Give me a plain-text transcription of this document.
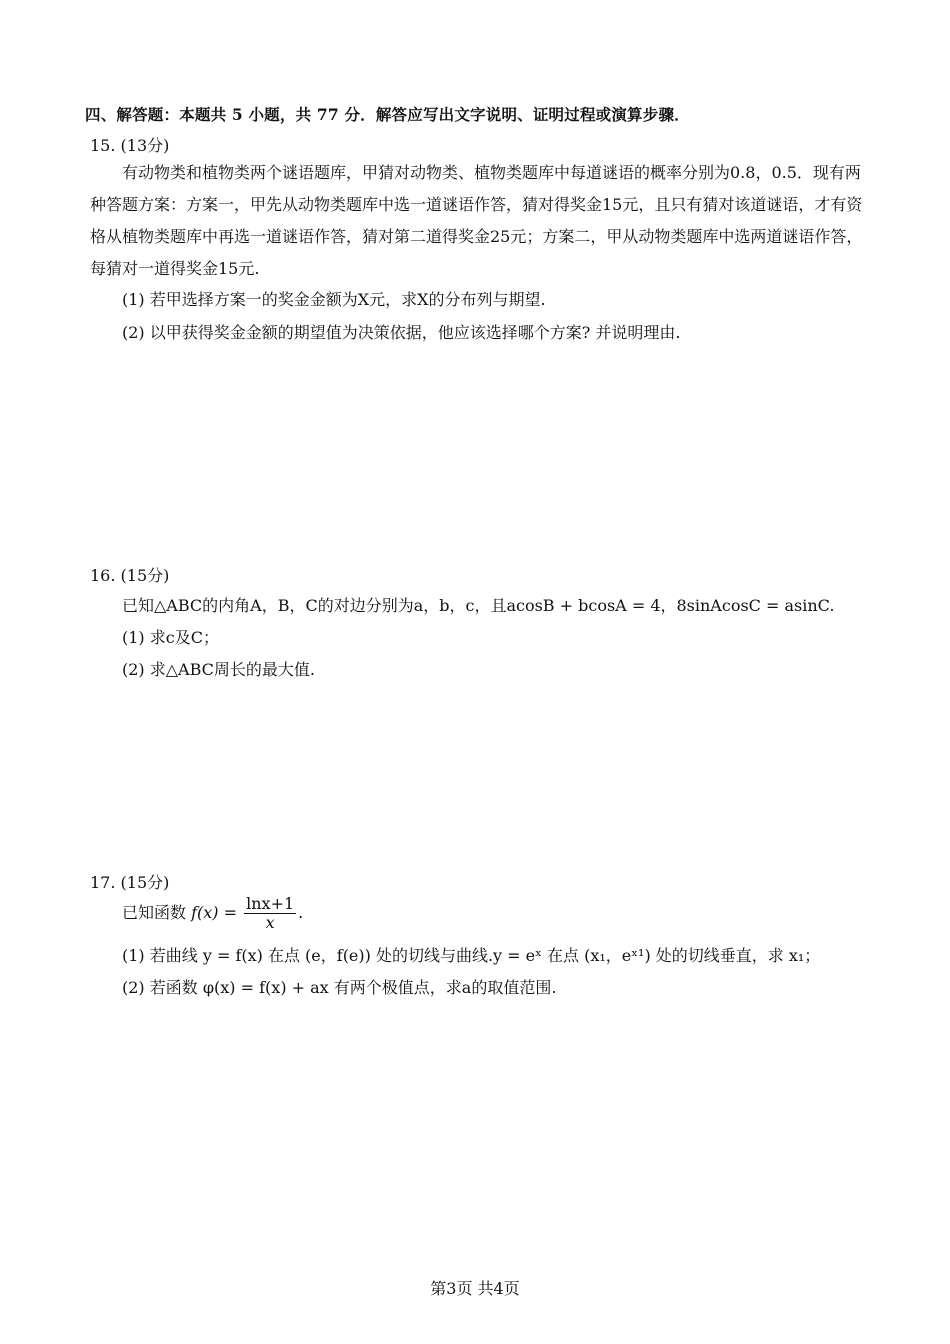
四、解答题：本题共 5 小题，共 77 分．解答应写出文字说明、证明过程或演算步骤．
15. (13分)
有动物类和植物类两个谜语题库，甲猜对动物类、植物类题库中每道谜语的概率分别为0.8，0.5．现有两种答题方案：方案一，甲先从动物类题库中选一道谜语作答，猜对得奖金15元，且只有猜对该道谜语，才有资格从植物类题库中再选一道谜语作答，猜对第二道得奖金25元；方案二，甲从动物类题库中选两道谜语作答，每猜对一道得奖金15元.
(1) 若甲选择方案一的奖金金额为X元，求X的分布列与期望.
(2) 以甲获得奖金金额的期望值为决策依据，他应该选择哪个方案? 并说明理由.
16. (15分)
已知△ABC的内角A，B，C的对边分别为a，b，c，且acosB + bcosA = 4，8sinAcosC = asinC.
(1) 求c及C；
(2) 求△ABC周长的最大值.
17. (15分)
已知函数 $f(x) = \frac{\ln x+1}{x}$ .
(1) 若曲线 y = f(x) 在点 (e，f(e)) 处的切线与曲线.y = eˣ 在点 (x₁，eˣ¹) 处的切线垂直，求 x₁；
(2) 若函数 φ(x) = f(x) + ax 有两个极值点，求a的取值范围.
第3页 共4页
